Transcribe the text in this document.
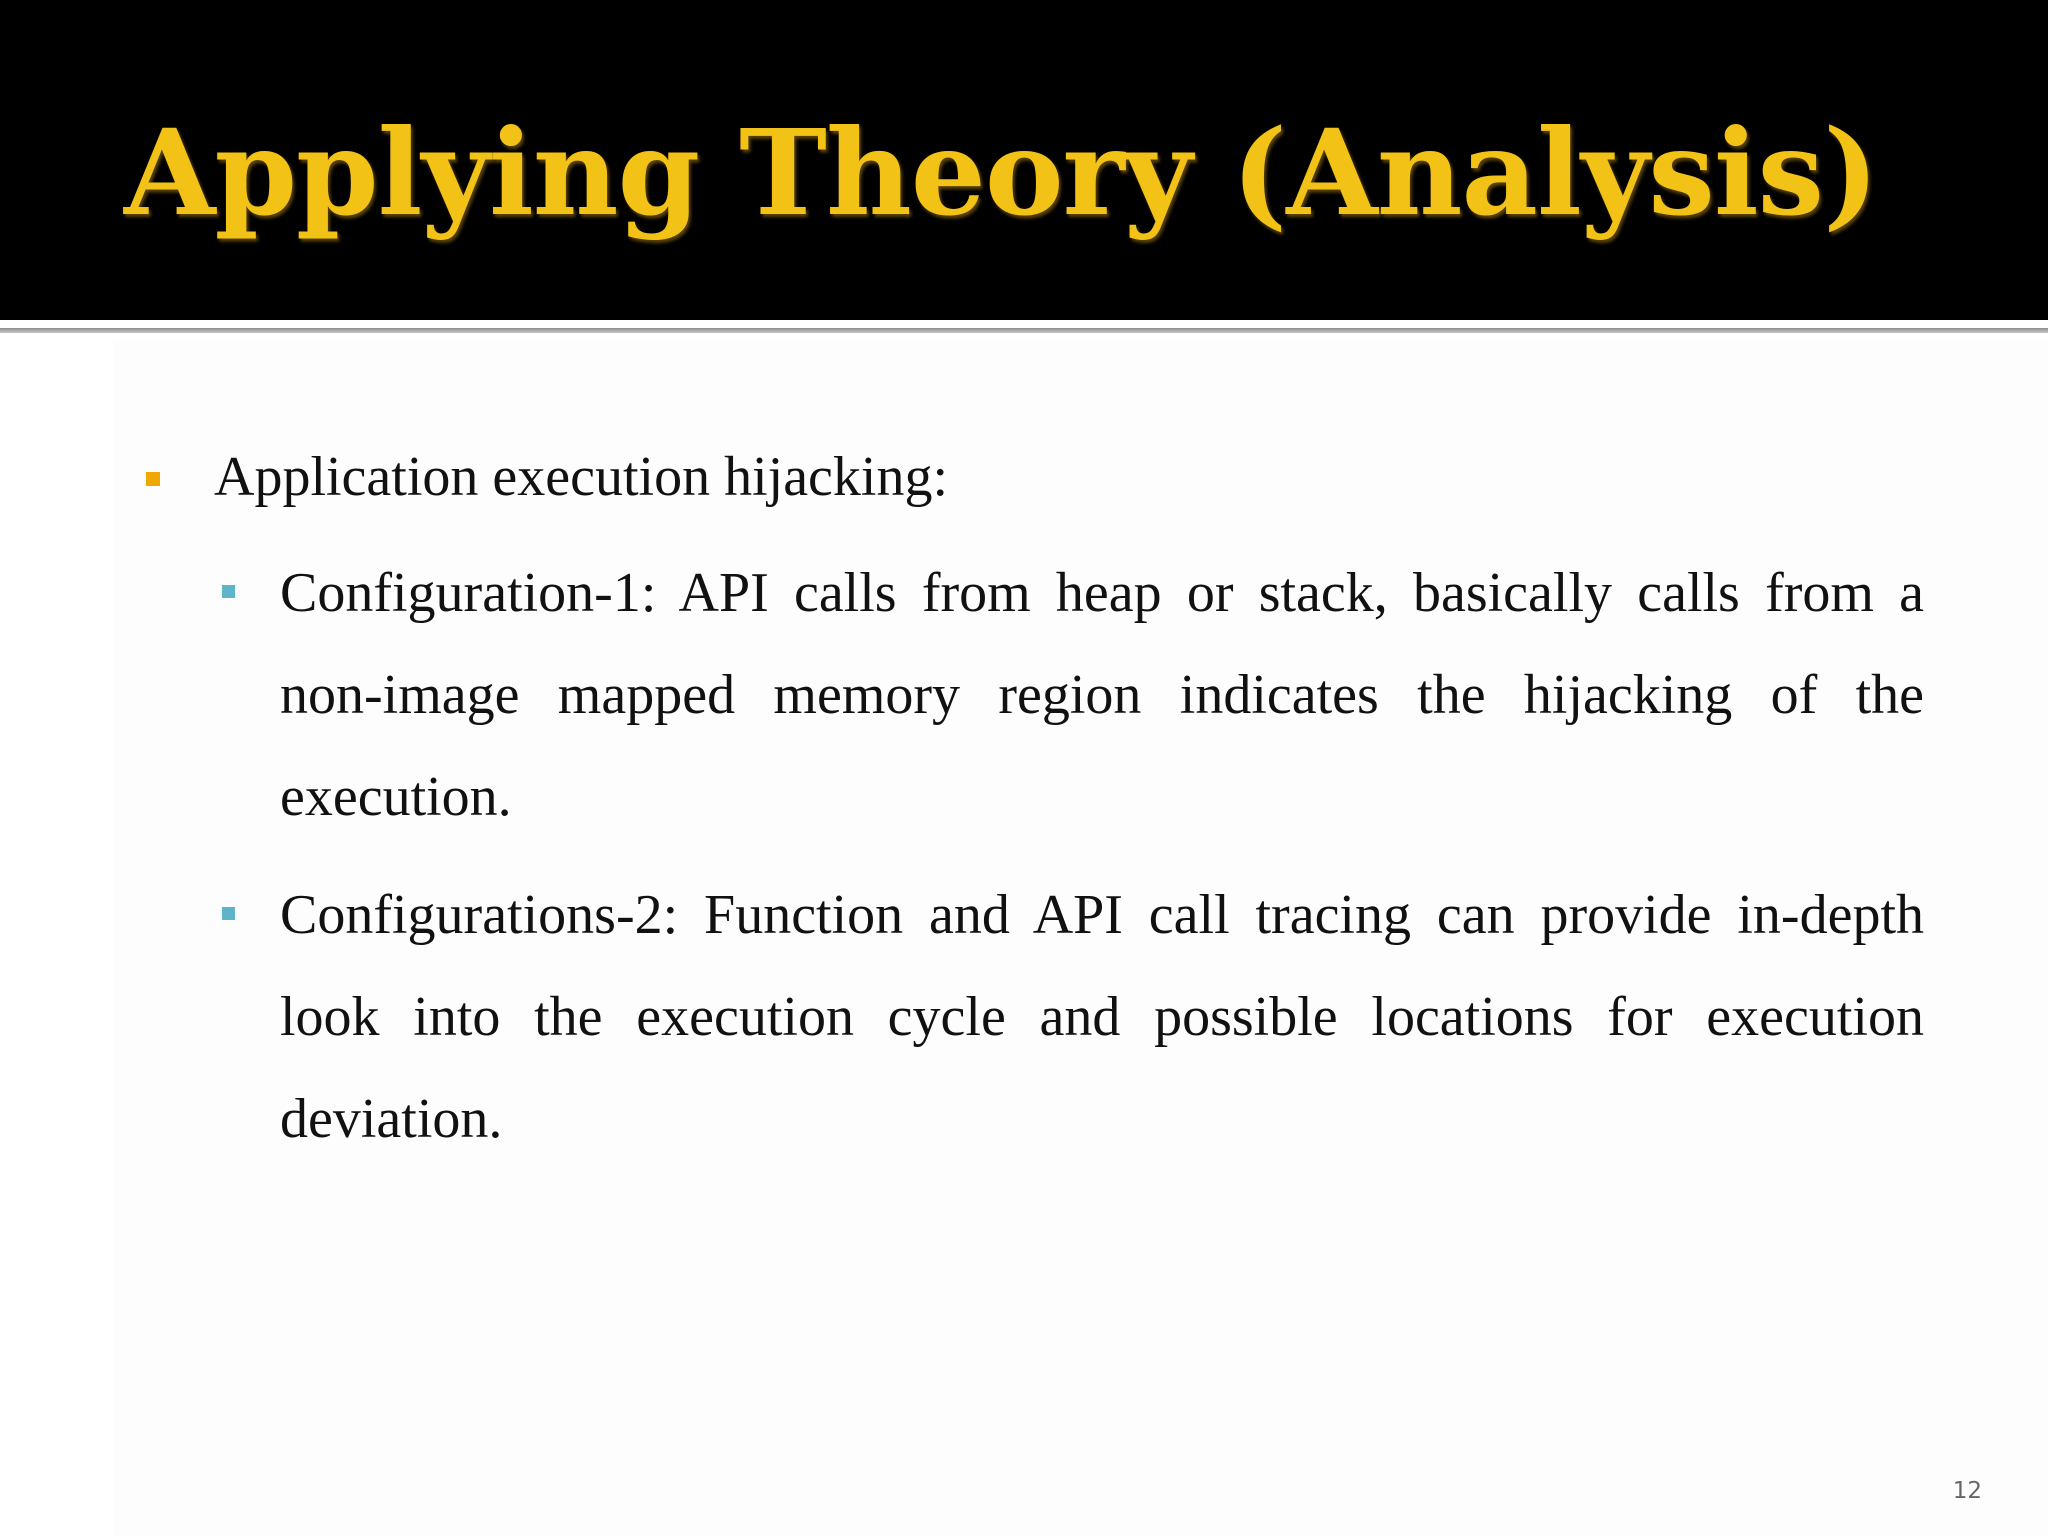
Applying Theory (Analysis)

Application execution hijacking:

Configuration-1: API calls from heap or stack, basically calls from a non-image mapped memory region indicates the hijacking of the execution.

Configurations-2: Function and API call tracing can provide in-depth look into the execution cycle and possible locations for execution deviation.

12
